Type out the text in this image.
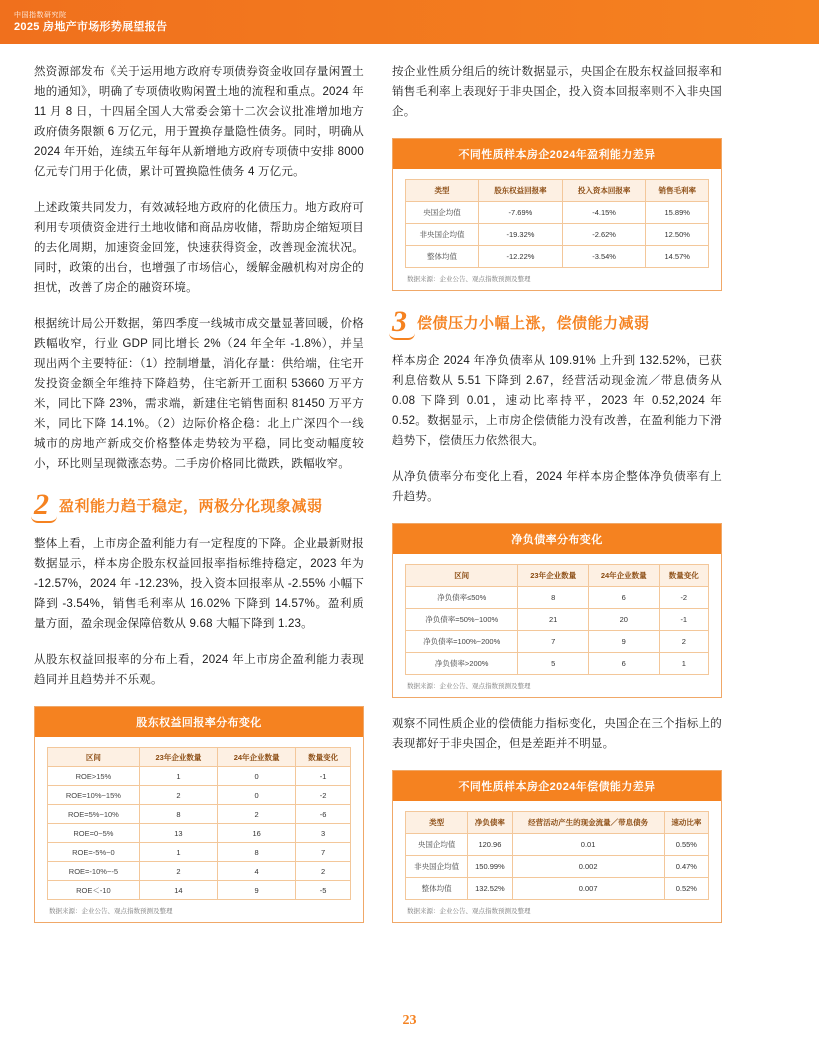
中国指数研究院
2025 房地产市场形势展望报告

然资源部发布《关于运用地方政府专项债券资金收回存量闲置土地的通知》，明确了专项债收购闲置土地的流程和重点。2024 年 11 月 8 日，十四届全国人大常委会第十二次会议批准增加地方政府债务限额 6 万亿元，用于置换存量隐性债务。同时，明确从 2024 年开始，连续五年每年从新增地方政府专项债中安排 8000 亿元专门用于化债，累计可置换隐性债务 4 万亿元。

上述政策共同发力，有效减轻地方政府的化债压力。地方政府可利用专项债资金进行土地收储和商品房收储，帮助房企缩短项目的去化周期，加速资金回笼，快速获得资金，改善现金流状况。同时，政策的出台，也增强了市场信心，缓解金融机构对房企的担忧，改善了房企的融资环境。

根据统计局公开数据，第四季度一线城市成交量显著回暖，价格跌幅收窄，行业 GDP 同比增长 2%（24 年全年 -1.8%），并呈现出两个主要特征：（1）控制增量，消化存量：供给端，住宅开发投资金额全年维持下降趋势，住宅新开工面积 53660 万平方米，同比下降 23%，需求端，新建住宅销售面积 81450 万平方米，同比下降 14.1%。（2）边际价格企稳：北上广深四个一线城市的房地产新成交价格整体走势较为平稳，同比变动幅度较小，环比则呈现微涨态势。二手房价格同比微跌，跌幅收窄。

2 盈利能力趋于稳定，两极分化现象减弱

整体上看，上市房企盈利能力有一定程度的下降。企业最新财报数据显示，样本房企股东权益回报率指标维持稳定，2023 年为 -12.57%，2024 年 -12.23%，投入资本回报率从 -2.55% 小幅下降到 -3.54%，销售毛利率从 16.02% 下降到 14.57%。盈利质量方面，盈余现金保障倍数从 9.68 大幅下降到 1.23。

从股东权益回报率的分布上看，2024 年上市房企盈利能力表现趋同并且趋势并不乐观。

股东权益回报率分布变化
区间	23年企业数量	24年企业数量	数量变化
ROE>15%	1	0	-1
ROE=10%~15%	2	0	-2
ROE=5%~10%	8	2	-6
ROE=0~5%	13	16	3
ROE=-5%~0	1	8	7
ROE=-10%~-5	2	4	2
ROE＜-10	14	9	-5
数据来源：企业公告、观点指数预测及整理

按企业性质分组后的统计数据显示，央国企在股东权益回报率和销售毛利率上表现好于非央国企，投入资本回报率则不入非央国企。

不同性质样本房企2024年盈利能力差异
类型	股东权益回报率	投入资本回报率	销售毛利率
央国企均值	-7.69%	-4.15%	15.89%
非央国企均值	-19.32%	-2.62%	12.50%
整体均值	-12.22%	-3.54%	14.57%
数据来源：企业公告、观点指数预测及整理
3 偿债压力小幅上涨，偿债能力减弱

样本房企 2024 年净负债率从 109.91% 上升到 132.52%，已获利息倍数从 5.51 下降到 2.67，经营活动现金流／带息债务从 0.08 下降到 0.01，速动比率持平，2023 年 0.52,2024 年 0.52。数据显示，上市房企偿债能力没有改善，在盈利能力下滑趋势下，偿债压力依然很大。

从净负债率分布变化上看，2024 年样本房企整体净负债率有上升趋势。

净负债率分布变化
区间	23年企业数量	24年企业数量	数量变化
净负债率≤50%	8	6	-2
净负债率=50%~100%	21	20	-1
净负债率=100%~200%	7	9	2
净负债率>200%	5	6	1
数据来源：企业公告、观点指数预测及整理

观察不同性质企业的偿债能力指标变化，央国企在三个指标上的表现都好于非央国企，但是差距并不明显。

不同性质样本房企2024年偿债能力差异
类型	净负债率	经营活动产生的现金流量／带息债务	速动比率
央国企均值	120.96	0.01	0.55%
非央国企均值	150.99%	0.002	0.47%
整体均值	132.52%	0.007	0.52%
数据来源：企业公告、观点指数预测及整理
23
